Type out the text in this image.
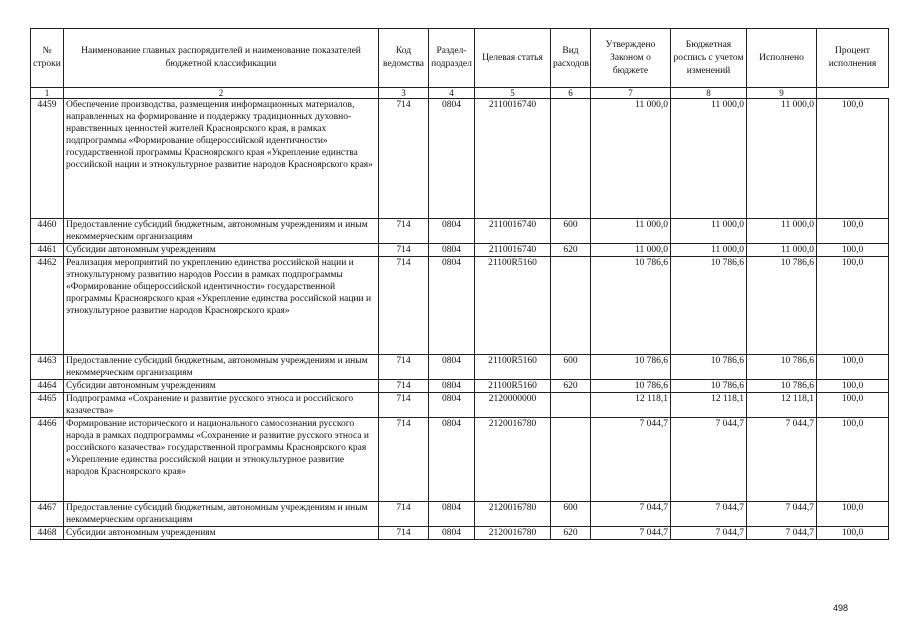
№ строки	Наименование главных распорядителей и наименование показателей бюджетной классификации	Код ведомства	Раздел-подраздел	Целевая статья	Вид расходов	Утверждено Законом о бюджете	Бюджетная роспись с учетом изменений	Исполнено	Процент исполнения
1	2	3	4	5	6	7	8	9	
4459	Обеспечение производства, размещения информационных материалов, направленных на формирование и поддержку традиционных духовно-нравственных ценностей жителей Красноярского края, в рамках подпрограммы «Формирование общероссийской идентичности» государственной программы Красноярского края «Укрепление единства российской нации и этнокультурное развитие народов Красноярского края»	714	0804	2110016740		11 000,0	11 000,0	11 000,0	100,0
4460	Предоставление субсидий бюджетным, автономным учреждениям и иным некоммерческим организациям	714	0804	2110016740	600	11 000,0	11 000,0	11 000,0	100,0
4461	Субсидии автономным учреждениям	714	0804	2110016740	620	11 000,0	11 000,0	11 000,0	100,0
4462	Реализация мероприятий по укреплению единства российской нации и этнокультурному развитию народов России в рамках подпрограммы «Формирование общероссийской идентичности» государственной программы Красноярского края «Укрепление единства российской нации и этнокультурное развитие народов Красноярского края»	714	0804	21100R5160		10 786,6	10 786,6	10 786,6	100,0
4463	Предоставление субсидий бюджетным, автономным учреждениям и иным некоммерческим организациям	714	0804	21100R5160	600	10 786,6	10 786,6	10 786,6	100,0
4464	Субсидии автономным учреждениям	714	0804	21100R5160	620	10 786,6	10 786,6	10 786,6	100,0
4465	Подпрограмма «Сохранение и развитие русского этноса и российского казачества»	714	0804	2120000000		12 118,1	12 118,1	12 118,1	100,0
4466	Формирование исторического и национального самосознания русского народа в рамках подпрограммы «Сохранение и развитие русского этноса и российского казачества» государственной программы Красноярского края «Укрепление единства российской нации и этнокультурное развитие народов Красноярского края»	714	0804	2120016780		7 044,7	7 044,7	7 044,7	100,0
4467	Предоставление субсидий бюджетным, автономным учреждениям и иным некоммерческим организациям	714	0804	2120016780	600	7 044,7	7 044,7	7 044,7	100,0
4468	Субсидии автономным учреждениям	714	0804	2120016780	620	7 044,7	7 044,7	7 044,7	100,0
498
